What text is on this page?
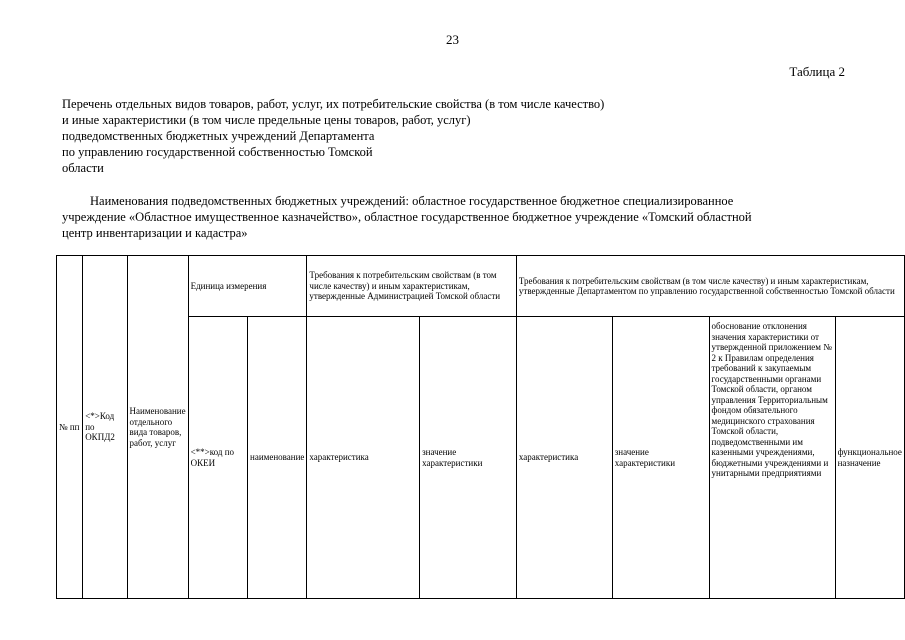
23
Таблица 2
Перечень отдельных видов товаров, работ, услуг, их потребительские свойства (в том числе качество)
и иные характеристики (в том числе предельные цены товаров, работ, услуг)
подведомственных бюджетных учреждений Департамента
по управлению государственной собственностью Томской
области
Наименования подведомственных бюджетных учреждений: областное государственное бюджетное специализированное
учреждение «Областное имущественное казначейство», областное государственное бюджетное учреждение «Томский областной
центр инвентаризации и кадастра»
№ пп	<*>Код по ОКПД2	Наименование отдельного вида товаров, работ, услуг	Единица измерения		Требования к потребительским свойствам (в том числе качеству) и иным характеристикам, утвержденные Администрацией Томской области		Требования к потребительским свойствам (в том числе качеству) и иным характеристикам, утвержденные Департаментом по управлению государственной собственностью Томской области			
			<**>код по ОКЕИ	наименование	характеристика	значение характеристики	характеристика	значение характеристики	обоснование отклонения значения характеристики от утвержденной приложением № 2 к Правилам определения требований к закупаемым государственными органами Томской области, органом управления Территориальным фондом обязательного медицинского страхования Томской области, подведомственными им казенными учреждениями, бюджетными учреждениями и унитарными предприятиями	функциональное назначение
